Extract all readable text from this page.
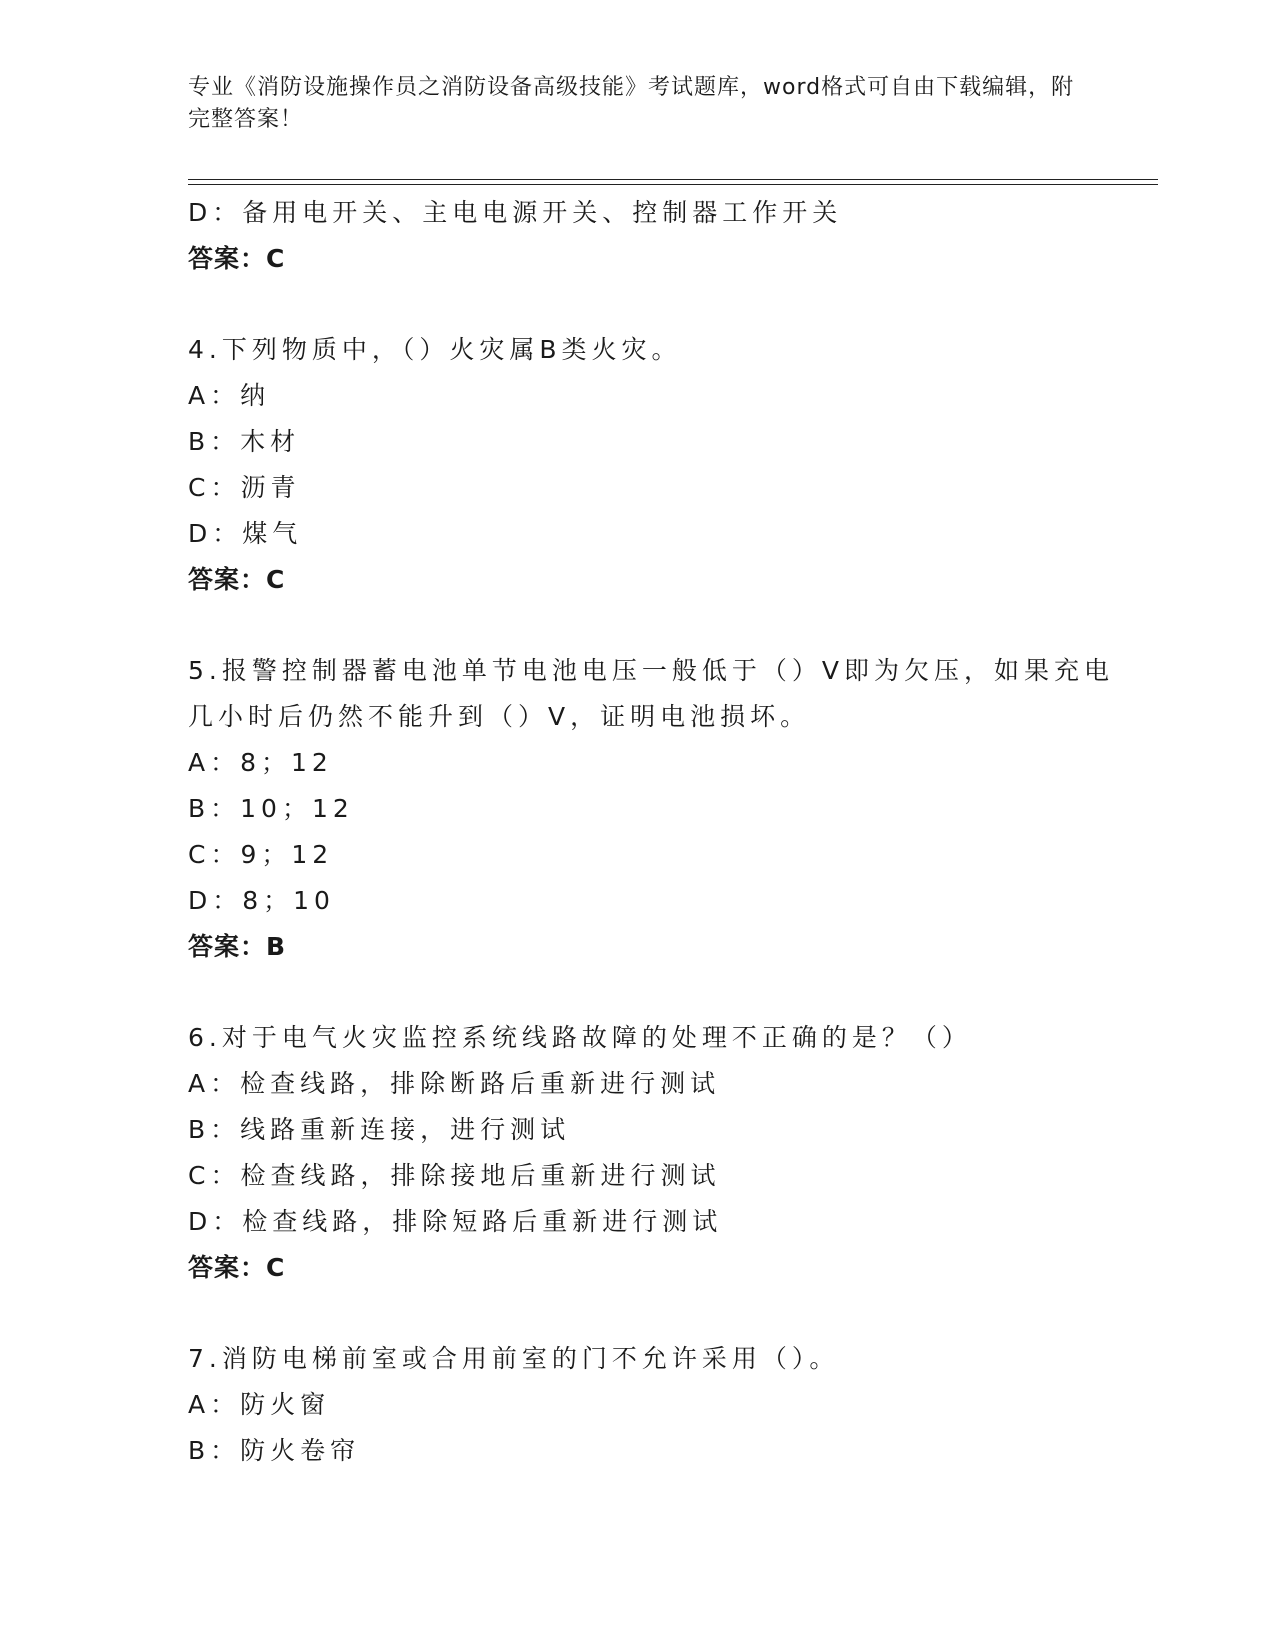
专业《消防设施操作员之消防设备高级技能》考试题库，word格式可自由下载编辑，附完整答案！
D：备用电开关、主电电源开关、控制器工作开关
答案：C
4.下列物质中，（）火灾属B类火灾。
A：纳
B：木材
C：沥青
D：煤气
答案：C
5.报警控制器蓄电池单节电池电压一般低于（）V即为欠压，如果充电
几小时后仍然不能升到（）V，证明电池损坏。
A：8；12
B：10；12
C：9；12
D：8；10
答案：B
6.对于电气火灾监控系统线路故障的处理不正确的是？（）
A：检查线路，排除断路后重新进行测试
B：线路重新连接，进行测试
C：检查线路，排除接地后重新进行测试
D：检查线路，排除短路后重新进行测试
答案：C
7.消防电梯前室或合用前室的门不允许采用（）。
A：防火窗
B：防火卷帘
